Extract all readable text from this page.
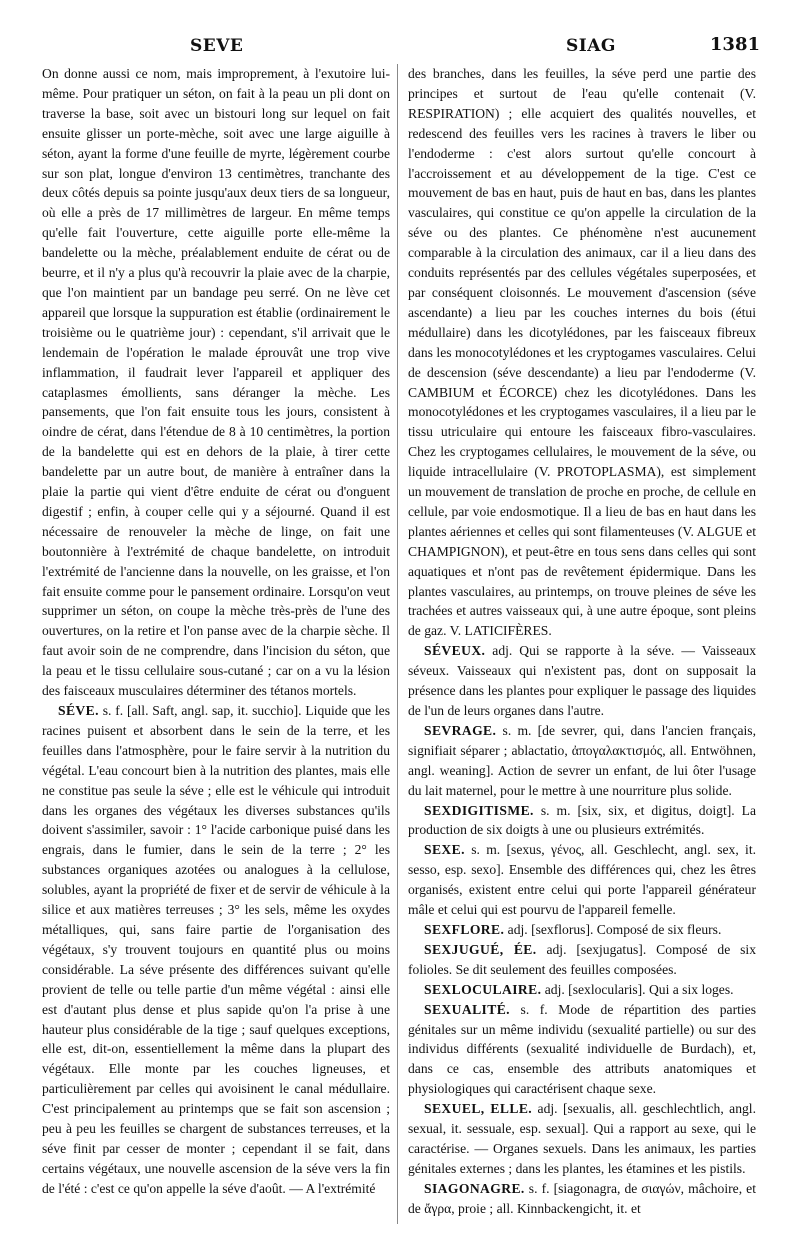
SEVE	SIAG	1381

On donne aussi ce nom, mais improprement, à l'exutoire lui-même. Pour pratiquer un séton, on fait à la peau un pli dont on traverse la base, soit avec un bistouri long sur lequel on fait ensuite glisser un porte-mèche, soit avec une large aiguille à séton, ayant la forme d'une feuille de myrte, légèrement courbe sur son plat, longue d'environ 13 centimètres, tranchante des deux côtés depuis sa pointe jusqu'aux deux tiers de sa longueur, où elle a près de 17 millimètres de largeur. En même temps qu'elle fait l'ouverture, cette aiguille porte elle-même la bandelette ou la mèche, préalablement enduite de cérat ou de beurre, et il n'y a plus qu'à recouvrir la plaie avec de la charpie, que l'on maintient par un bandage peu serré. On ne lève cet appareil que lorsque la suppuration est établie (ordinairement le troisième ou le quatrième jour) : cependant, s'il arrivait que le lendemain de l'opération le malade éprouvât une trop vive inflammation, il faudrait lever l'appareil et appliquer des cataplasmes émollients, sans déranger la mèche. Les pansements, que l'on fait ensuite tous les jours, consistent à oindre de cérat, dans l'étendue de 8 à 10 centimètres, la portion de la bandelette qui est en dehors de la plaie, à tirer cette bandelette par un autre bout, de manière à entraîner dans la plaie la partie qui vient d'être enduite de cérat ou d'onguent digestif ; enfin, à couper celle qui y a séjourné. Quand il est nécessaire de renouveler la mèche de linge, on fait une boutonnière à l'extrémité de chaque bandelette, on introduit l'extrémité de l'ancienne dans la nouvelle, on les graisse, et l'on fait ensuite comme pour le pansement ordinaire. Lorsqu'on veut supprimer un séton, on coupe la mèche très-près de l'une des ouvertures, on la retire et l'on panse avec de la charpie sèche. Il faut avoir soin de ne comprendre, dans l'incision du séton, que la peau et le tissu cellulaire sous-cutané ; car on a vu la lésion des faisceaux musculaires déterminer des tétanos mortels.

SÉVE. s. f. [all. Saft, angl. sap, it. succhio]. Liquide que les racines puisent et absorbent dans le sein de la terre, et les feuilles dans l'atmosphère, pour le faire servir à la nutrition du végétal. L'eau concourt bien à la nutrition des plantes, mais elle ne constitue pas seule la séve ; elle est le véhicule qui introduit dans les organes des végétaux les diverses substances qu'ils doivent s'assimiler, savoir : 1° l'acide carbonique puisé dans les engrais, dans le fumier, dans le sein de la terre ; 2° les substances organiques azotées ou analogues à la cellulose, solubles, ayant la propriété de fixer et de servir de véhicule à la silice et aux matières terreuses ; 3° les sels, même les oxydes métalliques, qui, sans faire partie de l'organisation des végétaux, s'y trouvent toujours en quantité plus ou moins considérable. La séve présente des différences suivant qu'elle provient de telle ou telle partie d'un même végétal : ainsi elle est d'autant plus dense et plus sapide qu'on l'a prise à une hauteur plus considérable de la tige ; sauf quelques exceptions, elle est, dit-on, essentiellement la même dans la plupart des végétaux. Elle monte par les couches ligneuses, et particulièrement par celles qui avoisinent le canal médullaire. C'est principalement au printemps que se fait son ascension ; peu à peu les feuilles se chargent de substances terreuses, et la séve finit par cesser de monter ; cependant il se fait, dans certains végétaux, une nouvelle ascension de la séve vers la fin de l'été : c'est ce qu'on appelle la séve d'août. — A l'extrémité

des branches, dans les feuilles, la séve perd une partie des principes et surtout de l'eau qu'elle contenait (V. RESPIRATION) ; elle acquiert des qualités nouvelles, et redescend des feuilles vers les racines à travers le liber ou l'endoderme : c'est alors surtout qu'elle concourt à l'accroissement et au développement de la tige. C'est ce mouvement de bas en haut, puis de haut en bas, dans les plantes vasculaires, qui constitue ce qu'on appelle la circulation de la séve ou des plantes. Ce phénomène n'est aucunement comparable à la circulation des animaux, car il a lieu dans des conduits représentés par des cellules végétales superposées, et par conséquent cloisonnés. Le mouvement d'ascension (séve ascendante) a lieu par les couches internes du bois (étui médullaire) dans les dicotylédones, par les faisceaux fibreux dans les monocotylédones et les cryptogames vasculaires. Celui de descension (séve descendante) a lieu par l'endoderme (V. CAMBIUM et ÉCORCE) chez les dicotylédones. Dans les monocotylédones et les cryptogames vasculaires, il a lieu par le tissu utriculaire qui entoure les faisceaux fibro-vasculaires. Chez les cryptogames cellulaires, le mouvement de la séve, ou liquide intracellulaire (V. PROTOPLASMA), est simplement un mouvement de translation de proche en proche, de cellule en cellule, par voie endosmotique. Il a lieu de bas en haut dans les plantes aériennes et celles qui sont filamenteuses (V. ALGUE et CHAMPIGNON), et peut-être en tous sens dans celles qui sont aquatiques et n'ont pas de revêtement épidermique. Dans les plantes vasculaires, au printemps, on trouve pleines de séve les trachées et autres vaisseaux qui, à une autre époque, sont pleins de gaz. V. LATICIFÈRES.

SÉVEUX. adj. Qui se rapporte à la séve. — Vaisseaux séveux. Vaisseaux qui n'existent pas, dont on supposait la présence dans les plantes pour expliquer le passage des liquides de l'un de leurs organes dans l'autre.

SEVRAGE. s. m. [de sevrer, qui, dans l'ancien français, signifiait séparer ; ablactatio, ἀπογαλακτισμός, all. Entwöhnen, angl. weaning]. Action de sevrer un enfant, de lui ôter l'usage du lait maternel, pour le mettre à une nourriture plus solide.

SEXDIGITISME. s. m. [six, six, et digitus, doigt]. La production de six doigts à une ou plusieurs extrémités.

SEXE. s. m. [sexus, γένος, all. Geschlecht, angl. sex, it. sesso, esp. sexo]. Ensemble des différences qui, chez les êtres organisés, existent entre celui qui porte l'appareil générateur mâle et celui qui est pourvu de l'appareil femelle.

SEXFLORE. adj. [sexflorus]. Composé de six fleurs.

SEXJUGUÉ, ÉE. adj. [sexjugatus]. Composé de six folioles. Se dit seulement des feuilles composées.

SEXLOCULAIRE. adj. [sexlocularis]. Qui a six loges.

SEXUALITÉ. s. f. Mode de répartition des parties génitales sur un même individu (sexualité partielle) ou sur des individus différents (sexualité individuelle de Burdach), et, dans ce cas, ensemble des attributs anatomiques et physiologiques qui caractérisent chaque sexe.

SEXUEL, ELLE. adj. [sexualis, all. geschlechtlich, angl. sexual, it. sessuale, esp. sexual]. Qui a rapport au sexe, qui le caractérise. — Organes sexuels. Dans les animaux, les parties génitales externes ; dans les plantes, les étamines et les pistils.

SIAGONAGRE. s. f. [siagonagra, de σιαγών, mâchoire, et de ἄγρα, proie ; all. Kinnbackengicht, it. et
